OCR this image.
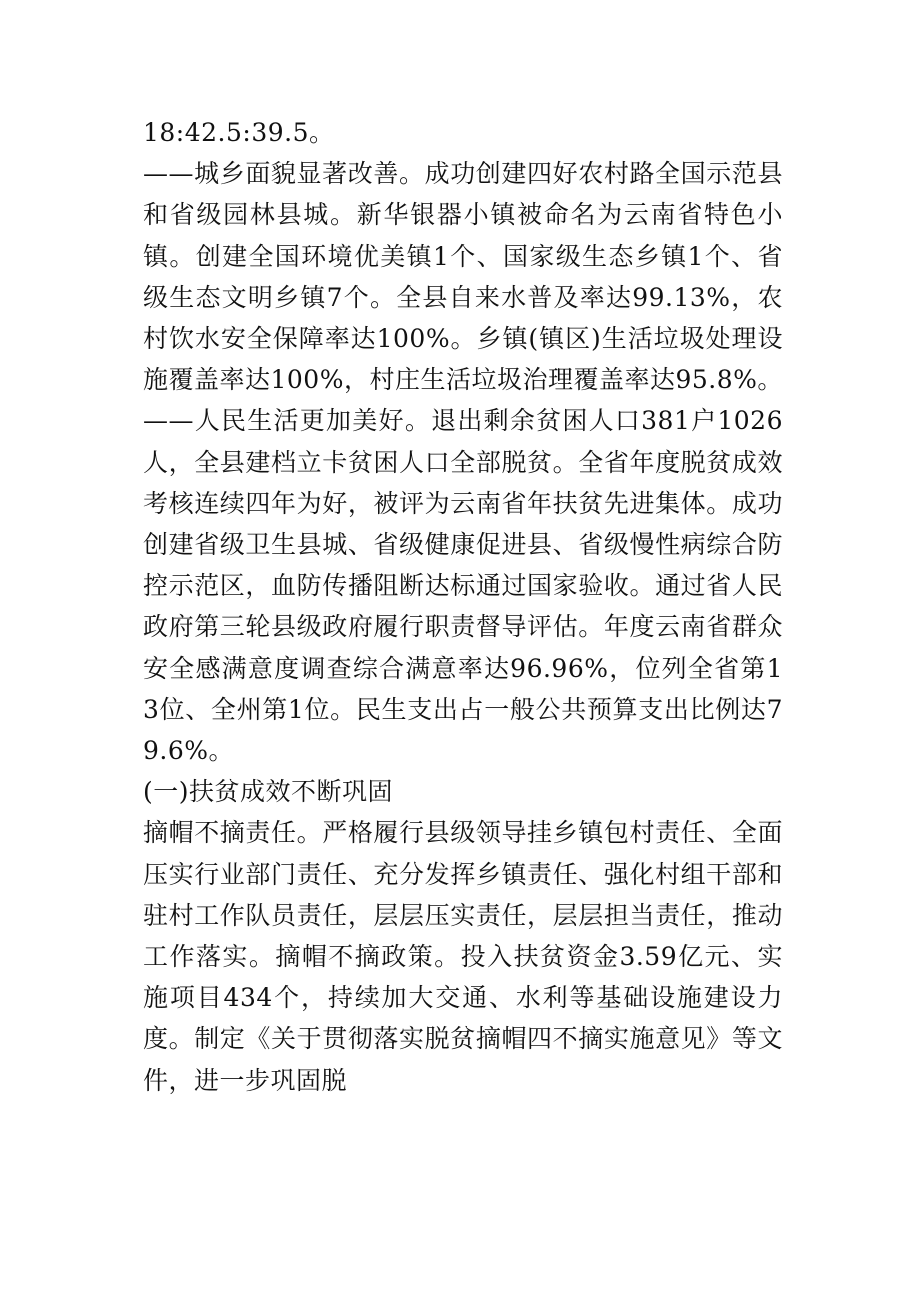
18:42.5:39.5。

——城乡面貌显著改善。成功创建四好农村路全国示范县和省级园林县城。新华银器小镇被命名为云南省特色小镇。创建全国环境优美镇1个、国家级生态乡镇1个、省级生态文明乡镇7个。全县自来水普及率达99.13%，农村饮水安全保障率达100%。乡镇(镇区)生活垃圾处理设施覆盖率达100%，村庄生活垃圾治理覆盖率达95.8%。

——人民生活更加美好。退出剩余贫困人口381户1026人，全县建档立卡贫困人口全部脱贫。全省年度脱贫成效考核连续四年为好，被评为云南省年扶贫先进集体。成功创建省级卫生县城、省级健康促进县、省级慢性病综合防控示范区，血防传播阻断达标通过国家验收。通过省人民政府第三轮县级政府履行职责督导评估。年度云南省群众安全感满意度调查综合满意率达96.96%，位列全省第13位、全州第1位。民生支出占一般公共预算支出比例达79.6%。

(一)扶贫成效不断巩固

摘帽不摘责任。严格履行县级领导挂乡镇包村责任、全面压实行业部门责任、充分发挥乡镇责任、强化村组干部和驻村工作队员责任，层层压实责任，层层担当责任，推动工作落实。摘帽不摘政策。投入扶贫资金3.59亿元、实施项目434个，持续加大交通、水利等基础设施建设力度。制定《关于贯彻落实脱贫摘帽四不摘实施意见》等文件，进一步巩固脱
